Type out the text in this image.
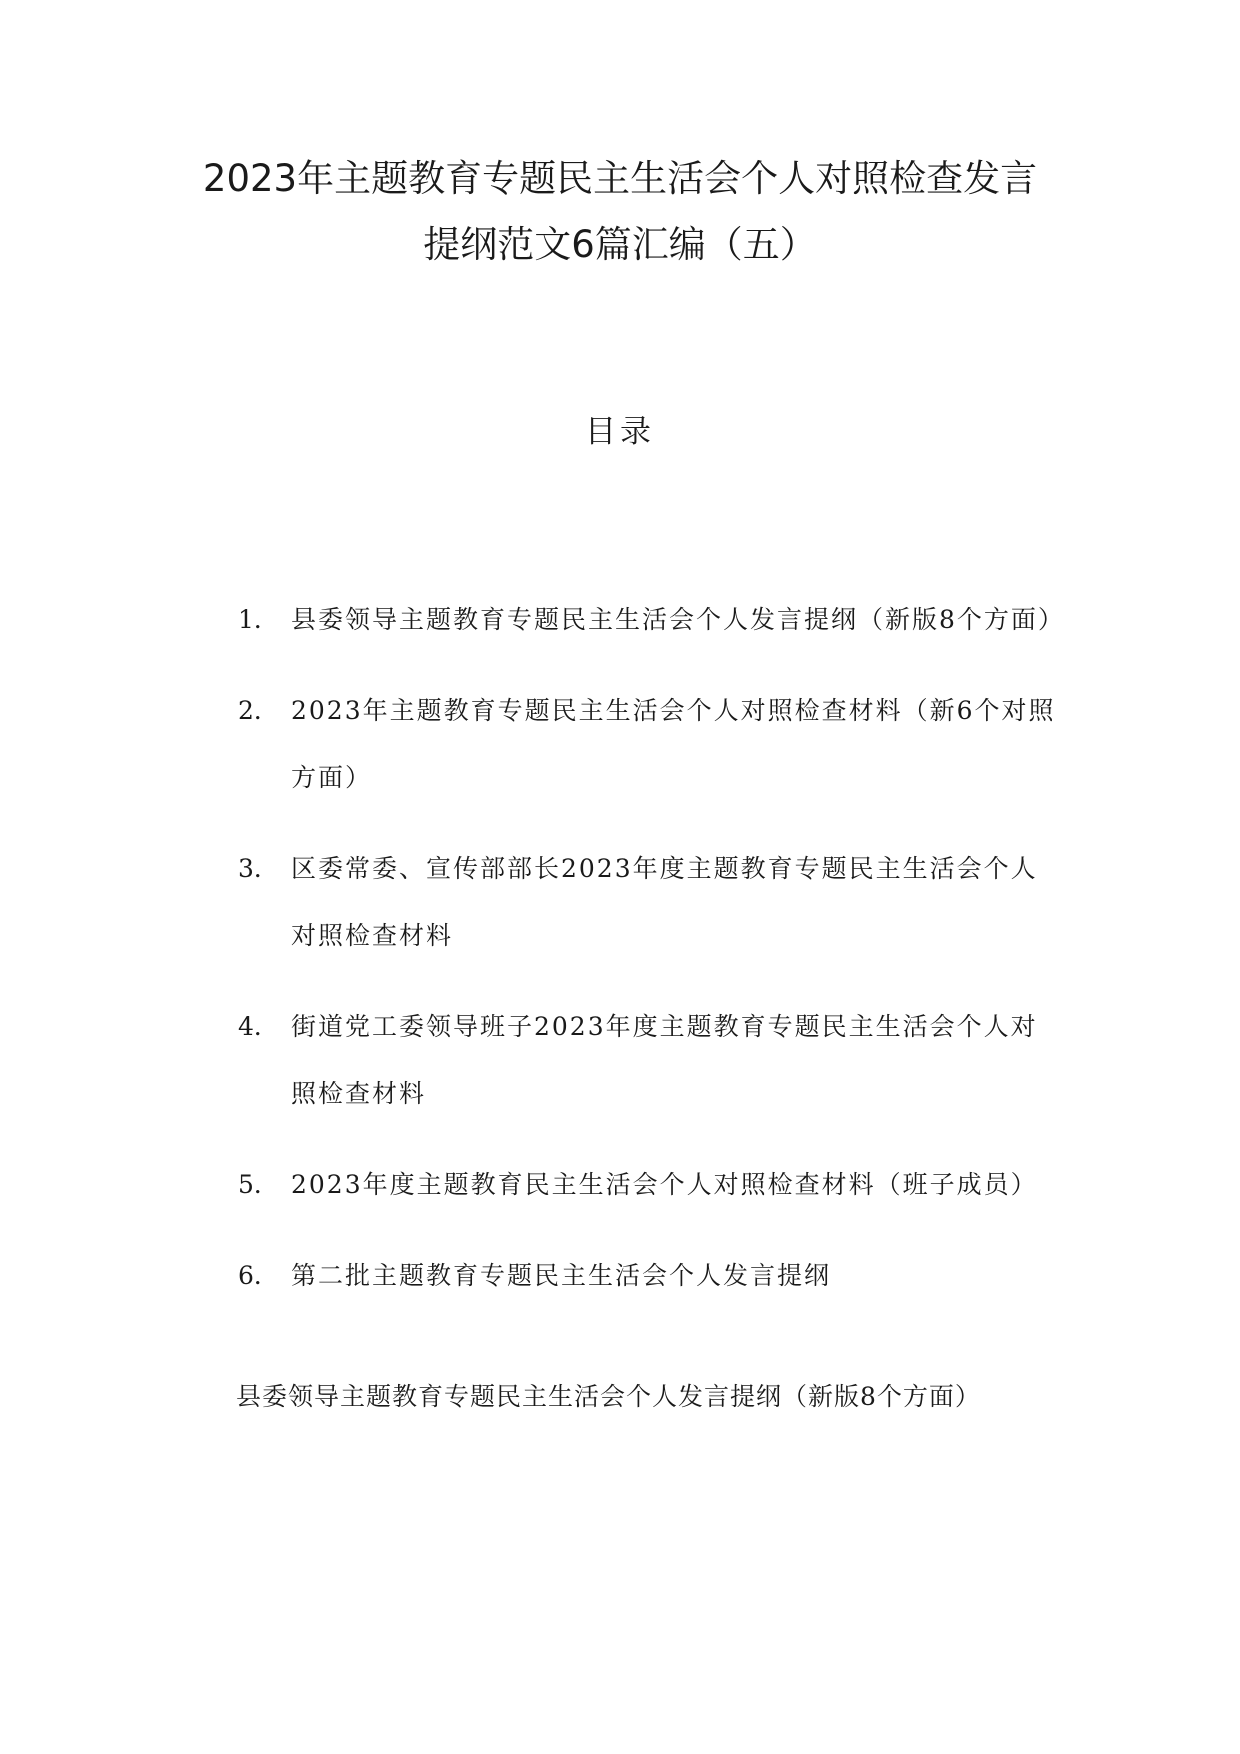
2023年主题教育专题民主生活会个人对照检查发言
提纲范文6篇汇编（五）
目录
1． 县委领导主题教育专题民主生活会个人发言提纲（新版8个方面）
2． 2023年主题教育专题民主生活会个人对照检查材料（新6个对照方面）
3． 区委常委、宣传部部长2023年度主题教育专题民主生活会个人对照检查材料
4． 街道党工委领导班子2023年度主题教育专题民主生活会个人对照检查材料
5． 2023年度主题教育民主生活会个人对照检查材料（班子成员）
6． 第二批主题教育专题民主生活会个人发言提纲
县委领导主题教育专题民主生活会个人发言提纲（新版8个方面）
